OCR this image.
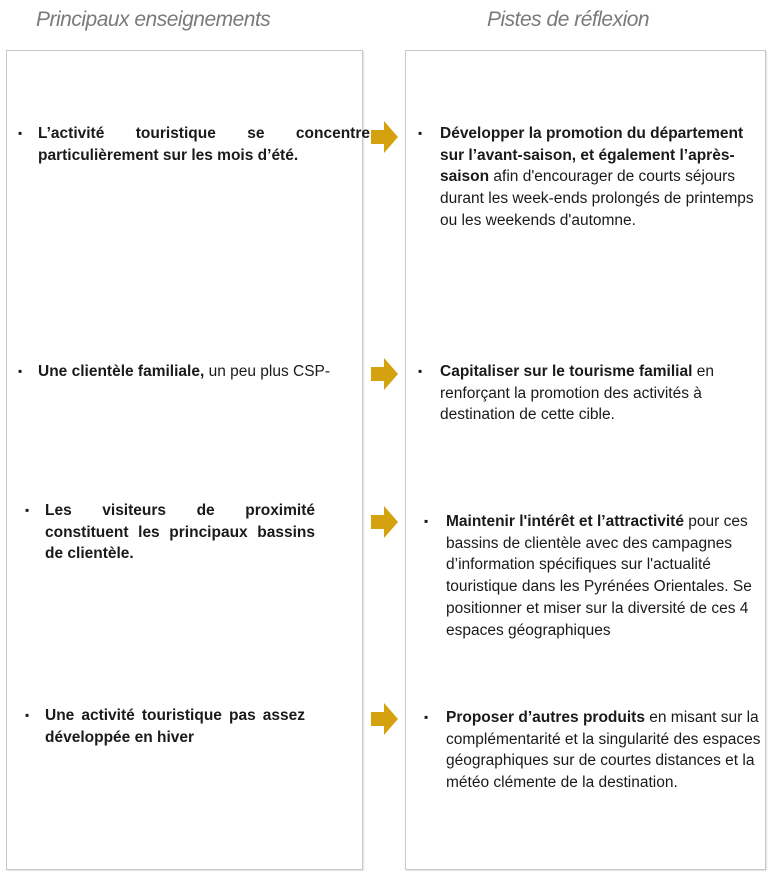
Principaux enseignements	Pistes de réflexion
▪ L’activité touristique se concentre particulièrement sur les mois d’été.
▪ Développer la promotion du département sur l’avant-saison, et également l’après-saison afin d'encourager de courts séjours durant les week-ends prolongés de printemps ou les weekends d'automne.
▪ Une clientèle familiale, un peu plus CSP-	▪ Capitaliser sur le tourisme familial en renforçant la promotion des activités à destination de cette cible.
▪ Les visiteurs de proximité constituent les principaux bassins de clientèle.
▪ Maintenir l'intérêt et l’attractivité pour ces bassins de clientèle avec des campagnes d’information spécifiques sur l'actualité touristique dans les Pyrénées Orientales. Se positionner et miser sur la diversité de ces 4 espaces géographiques
▪ Une activité touristique pas assez développée en hiver
▪ Proposer d’autres produits en misant sur la complémentarité et la singularité des espaces géographiques sur de courtes distances et la météo clémente de la destination.
